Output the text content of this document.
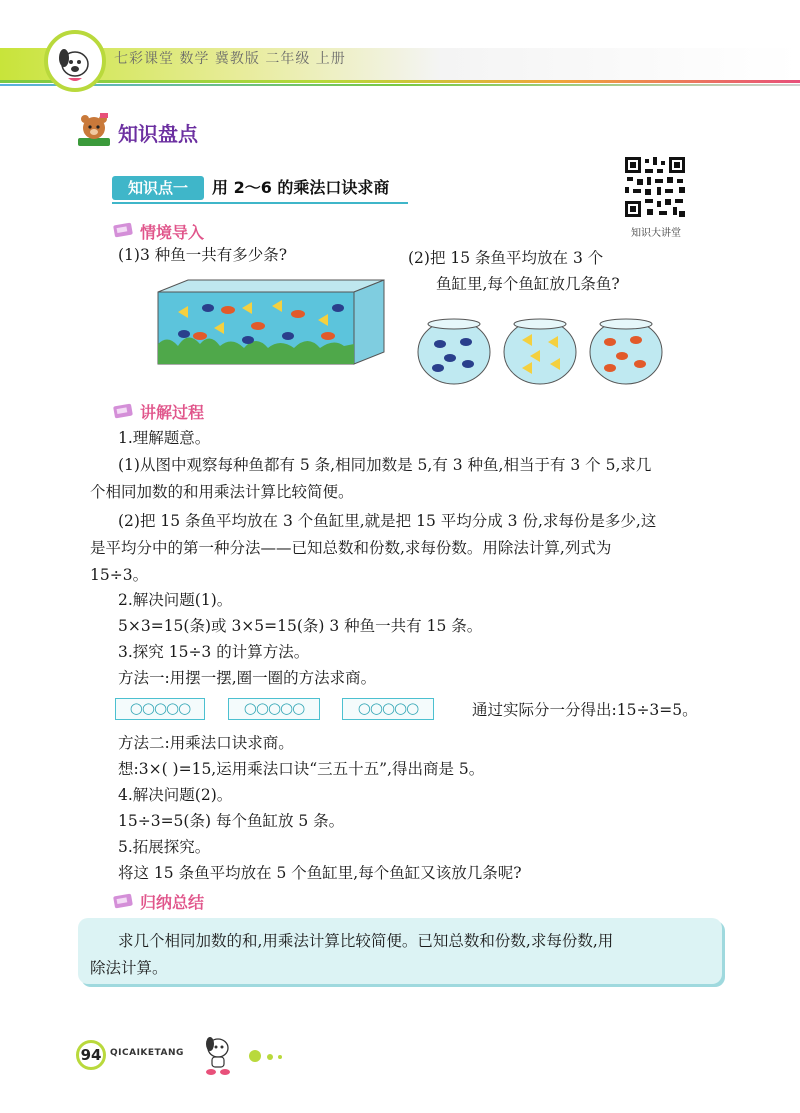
七彩课堂 数学 冀教版 二年级 上册
知识盘点
知识点一	用 2～6 的乘法口诀求商
知识大讲堂
情境导入
(1)3 种鱼一共有多少条?	(2)把 15 条鱼平均放在 3 个
鱼缸里,每个鱼缸放几条鱼?
讲解过程
1.理解题意。
(1)从图中观察每种鱼都有 5 条,相同加数是 5,有 3 种鱼,相当于有 3 个 5,求几
个相同加数的和用乘法计算比较简便。
(2)把 15 条鱼平均放在 3 个鱼缸里,就是把 15 平均分成 3 份,求每份是多少,这
是平均分中的第一种分法——已知总数和份数,求每份数。用除法计算,列式为
15÷3。
2.解决问题(1)。
5×3=15(条)或 3×5=15(条) 3 种鱼一共有 15 条。
3.探究 15÷3 的计算方法。
方法一:用摆一摆,圈一圈的方法求商。
○○○○○	○○○○○	○○○○○	通过实际分一分得出:15÷3=5。
方法二:用乘法口诀求商。
想:3×( )=15,运用乘法口诀“三五十五”,得出商是 5。
4.解决问题(2)。
15÷3=5(条) 每个鱼缸放 5 条。
5.拓展探究。
将这 15 条鱼平均放在 5 个鱼缸里,每个鱼缸又该放几条呢?
归纳总结
求几个相同加数的和,用乘法计算比较简便。已知总数和份数,求每份数,用
除法计算。
94 QICAIKETANG
